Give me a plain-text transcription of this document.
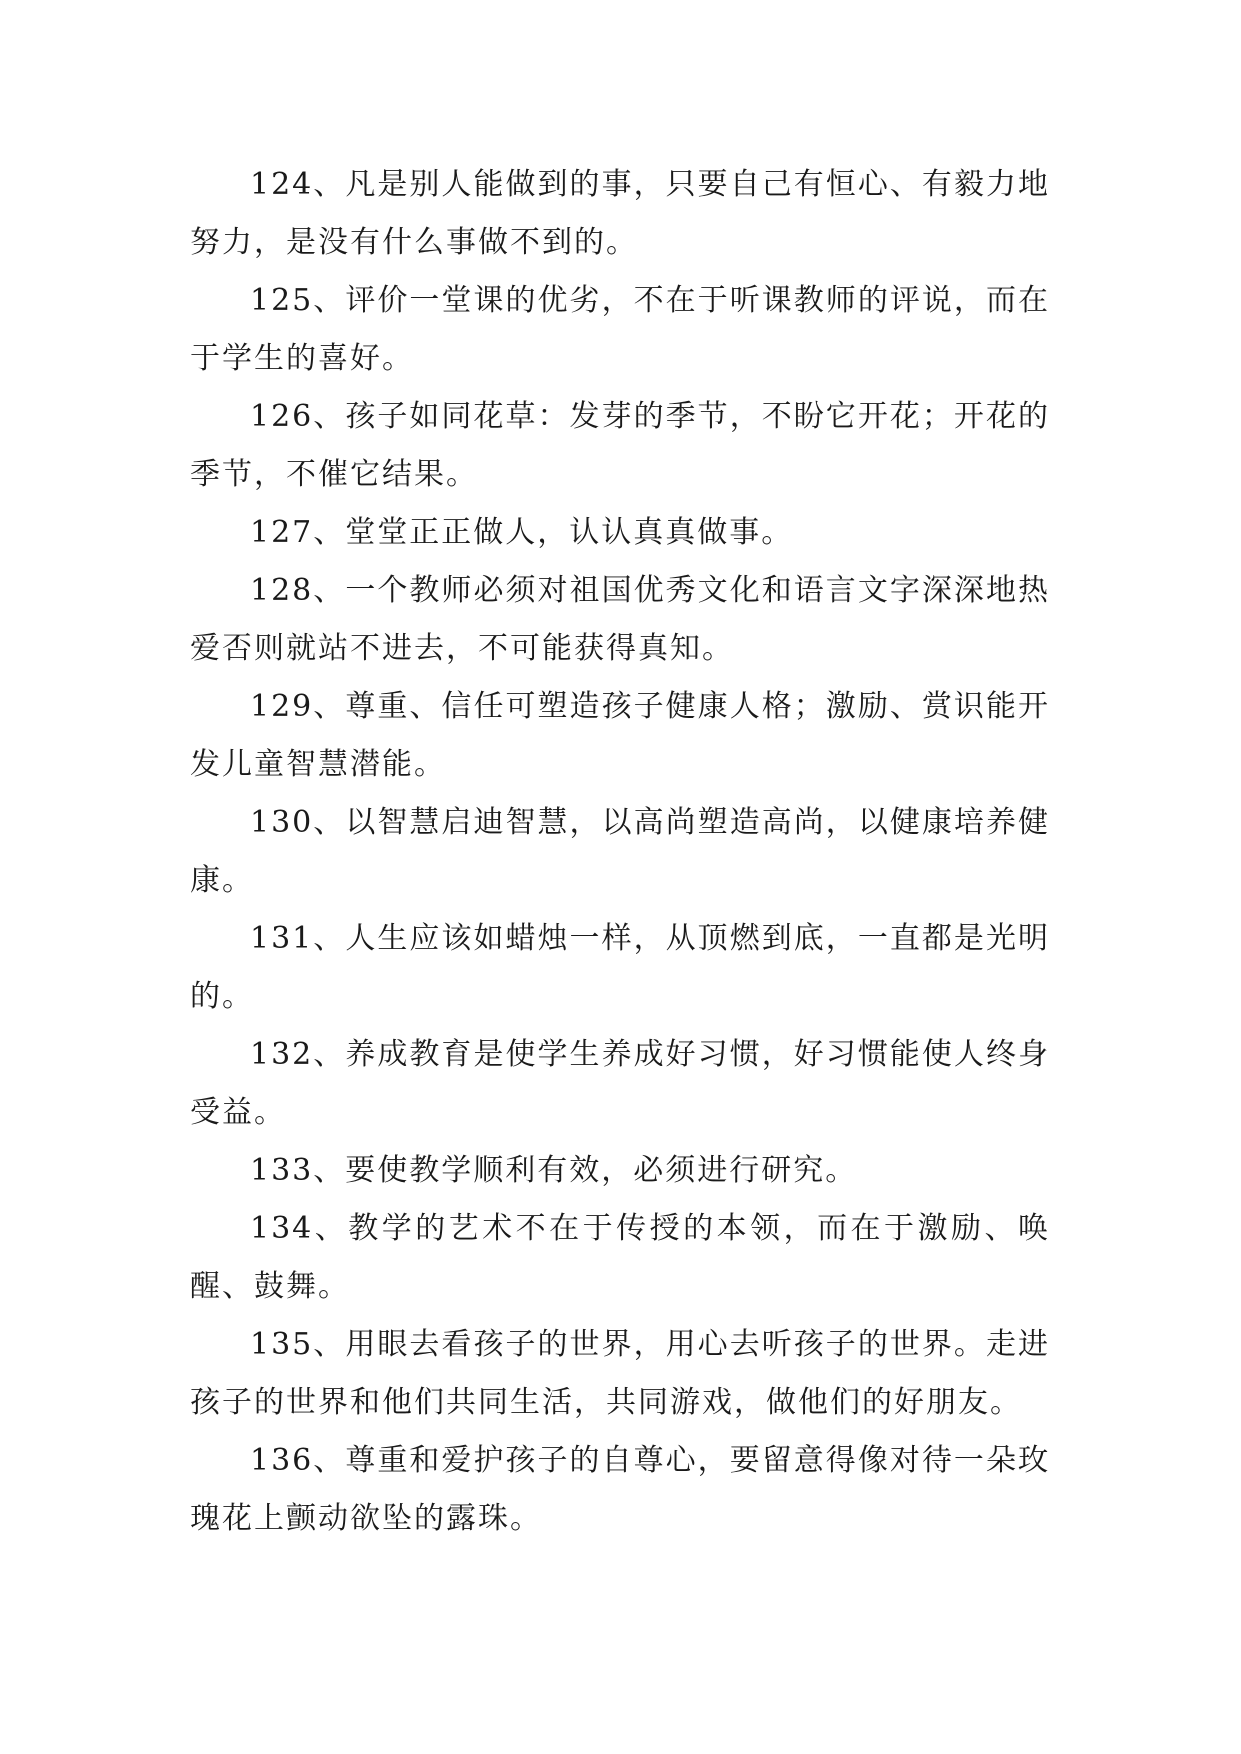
124、凡是别人能做到的事，只要自己有恒心、有毅力地努力，是没有什么事做不到的。

125、评价一堂课的优劣，不在于听课教师的评说，而在于学生的喜好。

126、孩子如同花草：发芽的季节，不盼它开花；开花的季节，不催它结果。

127、堂堂正正做人，认认真真做事。

128、一个教师必须对祖国优秀文化和语言文字深深地热爱否则就站不进去，不可能获得真知。

129、尊重、信任可塑造孩子健康人格；激励、赏识能开发儿童智慧潜能。

130、以智慧启迪智慧，以高尚塑造高尚，以健康培养健康。

131、人生应该如蜡烛一样，从顶燃到底，一直都是光明的。

132、养成教育是使学生养成好习惯，好习惯能使人终身受益。

133、要使教学顺利有效，必须进行研究。

134、教学的艺术不在于传授的本领，而在于激励、唤醒、鼓舞。

135、用眼去看孩子的世界，用心去听孩子的世界。走进孩子的世界和他们共同生活，共同游戏，做他们的好朋友。

136、尊重和爱护孩子的自尊心，要留意得像对待一朵玫瑰花上颤动欲坠的露珠。
